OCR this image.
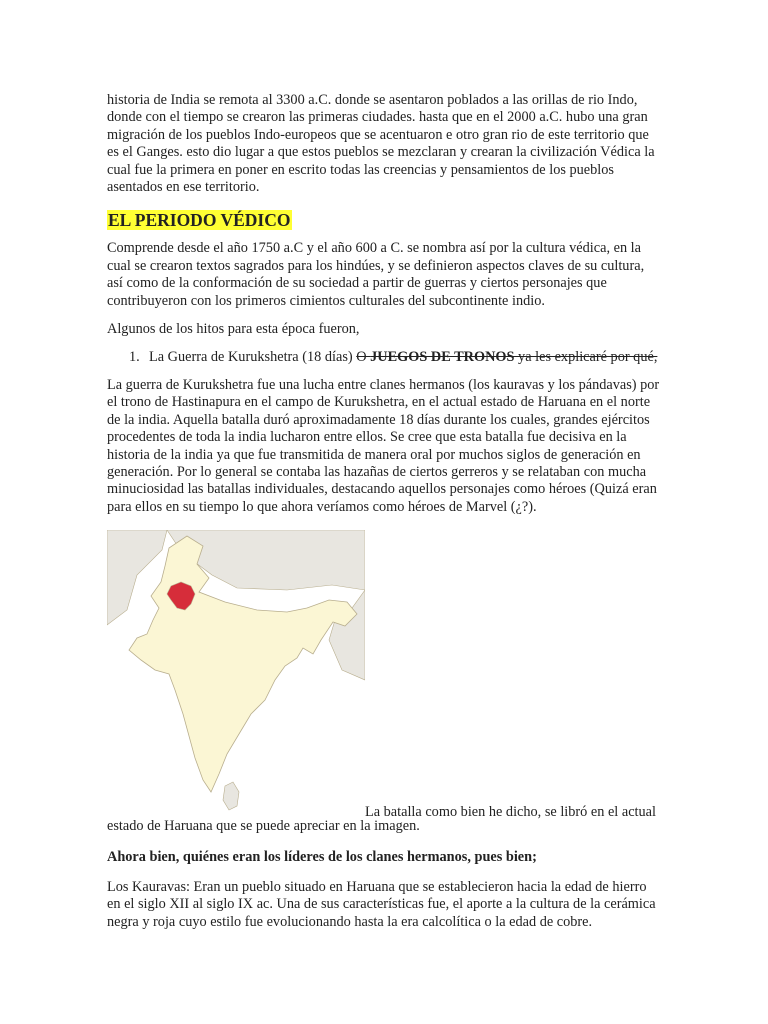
historia de India se remota al 3300 a.C. donde se asentaron poblados a las orillas de rio Indo, donde con el tiempo se crearon las primeras ciudades. hasta que en el 2000 a.C. hubo una gran migración de los pueblos Indo-europeos que se acentuaron e otro gran rio de este territorio que es el Ganges. esto dio lugar a que estos pueblos se mezclaran y crearan la civilización Védica la cual fue la primera en poner en escrito todas las creencias y pensamientos de los pueblos asentados en ese territorio.

EL PERIODO VÉDICO

Comprende desde el año 1750 a.C y el año 600 a C. se nombra así por la cultura védica, en la cual se crearon textos sagrados para los hindúes, y se definieron aspectos claves de su cultura, así como de la conformación de su sociedad a partir de guerras y ciertos personajes que contribuyeron con los primeros cimientos culturales del subcontinente indio.

Algunos de los hitos para esta época fueron,

1. La Guerra de Kurukshetra (18 días) O JUEGOS DE TRONOS ya les explicaré por qué,

La guerra de Kurukshetra fue una lucha entre clanes hermanos (los kauravas y los pándavas) por el trono de Hastinapura en el campo de Kurukshetra, en el actual estado de Haruana en el norte de la india. Aquella batalla duró aproximadamente 18 días durante los cuales, grandes ejércitos procedentes de toda la india lucharon entre ellos. Se cree que esta batalla fue decisiva en la historia de la india ya que fue transmitida de manera oral por muchos siglos de generación en generación. Por lo general se contaba las hazañas de ciertos gerreros y se relataban con mucha minuciosidad las batallas individuales, destacando aquellos personajes como héroes (Quizá eran para ellos en su tiempo lo que ahora veríamos como héroes de Marvel (¿?).

La batalla como bien he dicho, se libró en el actual

estado de Haruana que se puede apreciar en la imagen.

Ahora bien, quiénes eran los líderes de los clanes hermanos, pues bien;

Los Kauravas: Eran un pueblo situado en Haruana que se establecieron hacia la edad de hierro en el siglo XII al siglo IX ac. Una de sus características fue, el aporte a la cultura de la cerámica negra y roja cuyo estilo fue evolucionando hasta la era calcolítica o la edad de cobre.
